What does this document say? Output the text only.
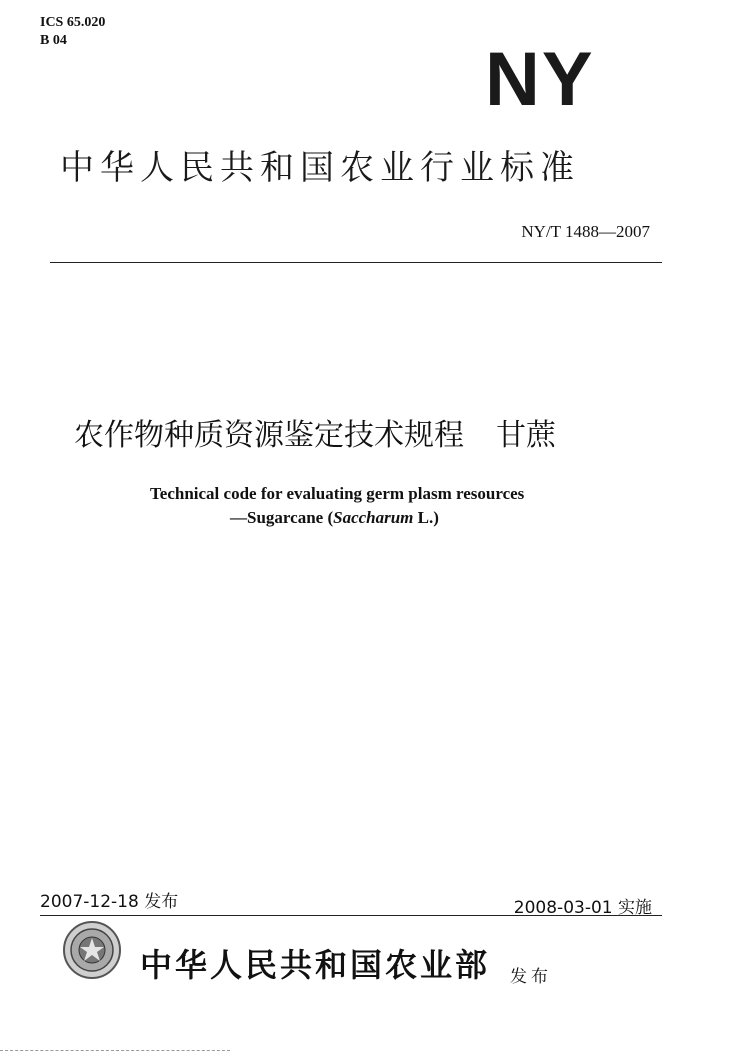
ICS 65.020
B 04	NY
中华人民共和国农业行业标准
NY/T 1488—2007
农作物种质资源鉴定技术规程 甘蔗
Technical code for evaluating germ plasm resources
—Sugarcane (Saccharum L.)
2007-12-18 发布	2008-03-01 实施
中华人民共和国农业部 发布
